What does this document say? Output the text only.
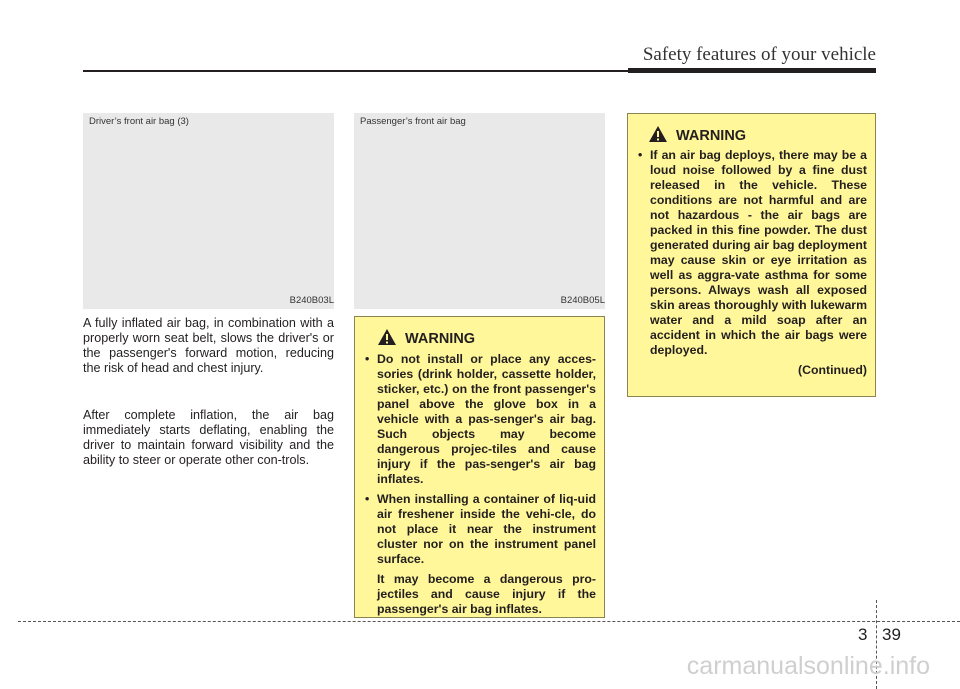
Safety features of your vehicle
Driver’s front air bag (3)
B240B03L
Passenger’s front air bag
B240B05L
A fully inflated air bag, in combination with a properly worn seat belt, slows the driver's or the passenger's forward motion, reducing the risk of head and chest injury.
After complete inflation, the air bag immediately starts deflating, enabling the driver to maintain forward visibility and the ability to steer or operate other con-trols.
WARNING
• Do not install or place any acces-sories (drink holder, cassette holder, sticker, etc.) on the front passenger's panel above the glove box in a vehicle with a pas-senger's air bag. Such objects may become dangerous projec-tiles and cause injury if the pas-senger's air bag inflates.
• When installing a container of liq-uid air freshener inside the vehi-cle, do not place it near the instrument cluster nor on the instrument panel surface.
It may become a dangerous pro-jectiles and cause injury if the passenger's air bag inflates.
WARNING
• If an air bag deploys, there may be a loud noise followed by a fine dust released in the vehicle. These conditions are not harmful and are not hazardous - the air bags are packed in this fine powder. The dust generated during air bag deployment may cause skin or eye irritation as well as aggra-vate asthma for some persons. Always wash all exposed skin areas thoroughly with lukewarm water and a mild soap after an accident in which the air bags were deployed.
(Continued)
3 39
carmanualsonline.info
